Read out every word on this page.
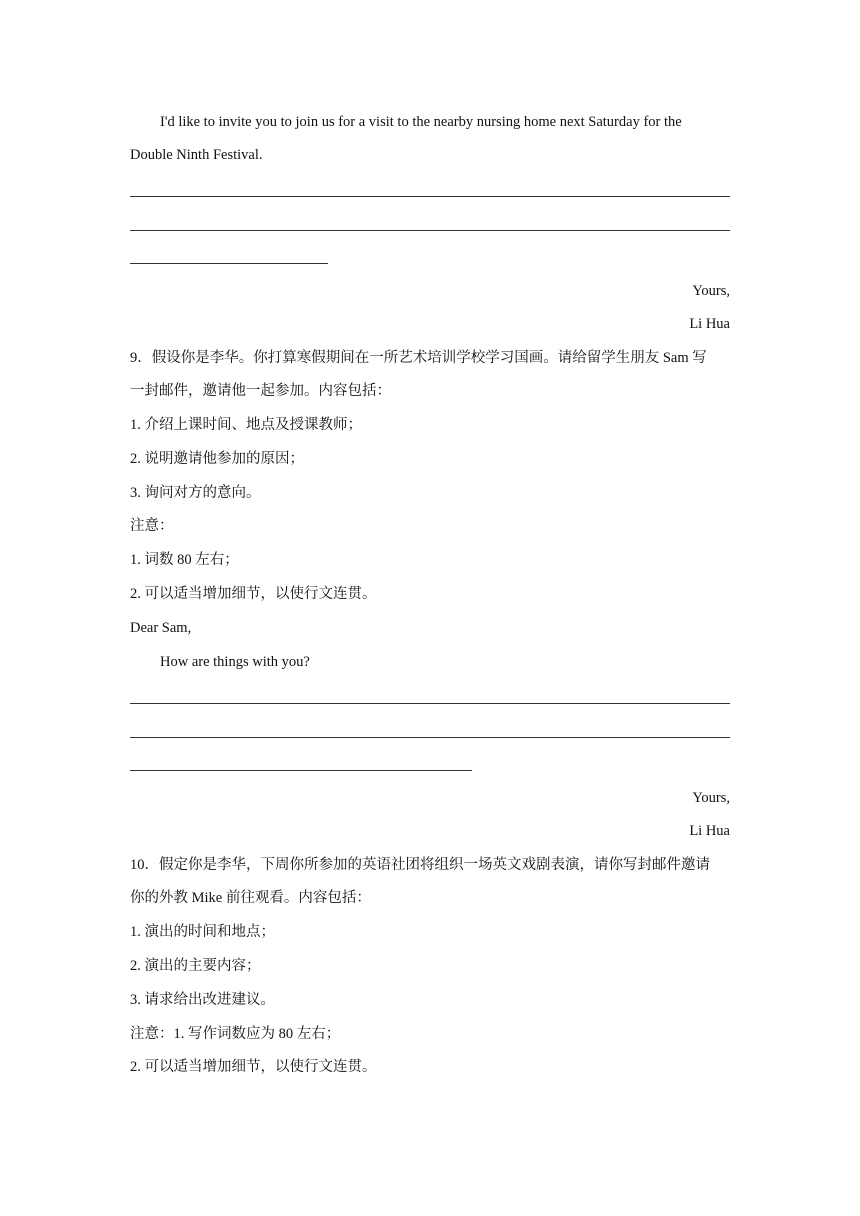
I'd like to invite you to join us for a visit to the nearby nursing home next Saturday for the
Double Ninth Festival.
Yours,
Li Hua
9．假设你是李华。你打算寒假期间在一所艺术培训学校学习国画。请给留学生朋友 Sam 写
一封邮件，邀请他一起参加。内容包括：
1. 介绍上课时间、地点及授课教师；
2. 说明邀请他参加的原因；
3. 询问对方的意向。
注意：
1. 词数 80 左右；
2. 可以适当增加细节，以使行文连贯。
Dear Sam,
How are things with you?
Yours,
Li Hua
10．假定你是李华，下周你所参加的英语社团将组织一场英文戏剧表演，请你写封邮件邀请
你的外教 Mike 前往观看。内容包括：
1. 演出的时间和地点；
2. 演出的主要内容；
3. 请求给出改进建议。
注意：1. 写作词数应为 80 左右；
2. 可以适当增加细节，以使行文连贯。
